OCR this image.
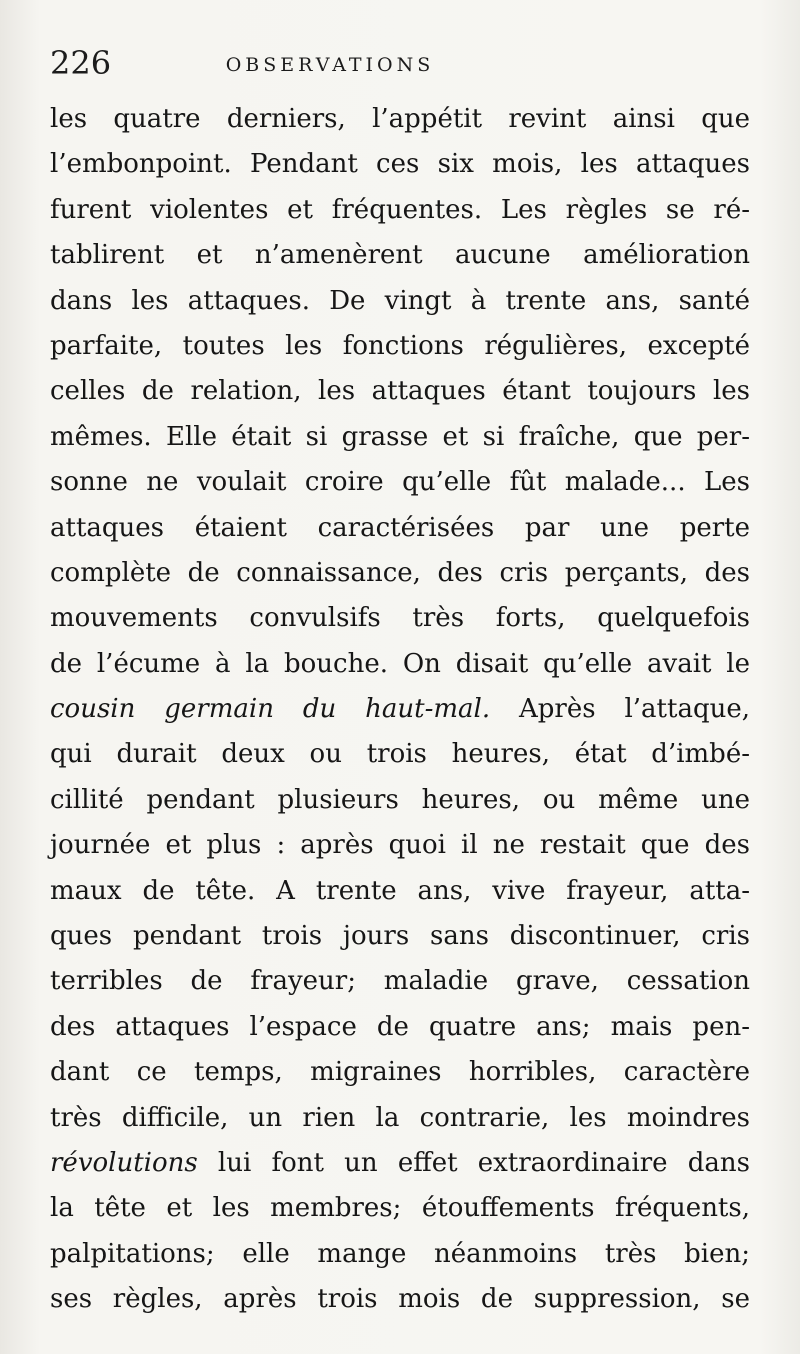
226	OBSERVATIONS
les quatre derniers, l’appétit revint ainsi que
l’embonpoint. Pendant ces six mois, les attaques
furent violentes et fréquentes. Les règles se ré-
tablirent et n’amenèrent aucune amélioration
dans les attaques. De vingt à trente ans, santé
parfaite, toutes les fonctions régulières, excepté
celles de relation, les attaques étant toujours les
mêmes. Elle était si grasse et si fraîche, que per-
sonne ne voulait croire qu’elle fût malade... Les
attaques étaient caractérisées par une perte
complète de connaissance, des cris perçants, des
mouvements convulsifs très forts, quelquefois
de l’écume à la bouche. On disait qu’elle avait le
cousin germain du haut-mal. Après l’attaque,
qui durait deux ou trois heures, état d’imbé-
cillité pendant plusieurs heures, ou même une
journée et plus : après quoi il ne restait que des
maux de tête. A trente ans, vive frayeur, atta-
ques pendant trois jours sans discontinuer, cris
terribles de frayeur; maladie grave, cessation
des attaques l’espace de quatre ans; mais pen-
dant ce temps, migraines horribles, caractère
très difficile, un rien la contrarie, les moindres
révolutions lui font un effet extraordinaire dans
la tête et les membres; étouffements fréquents,
palpitations; elle mange néanmoins très bien;
ses règles, après trois mois de suppression, se
